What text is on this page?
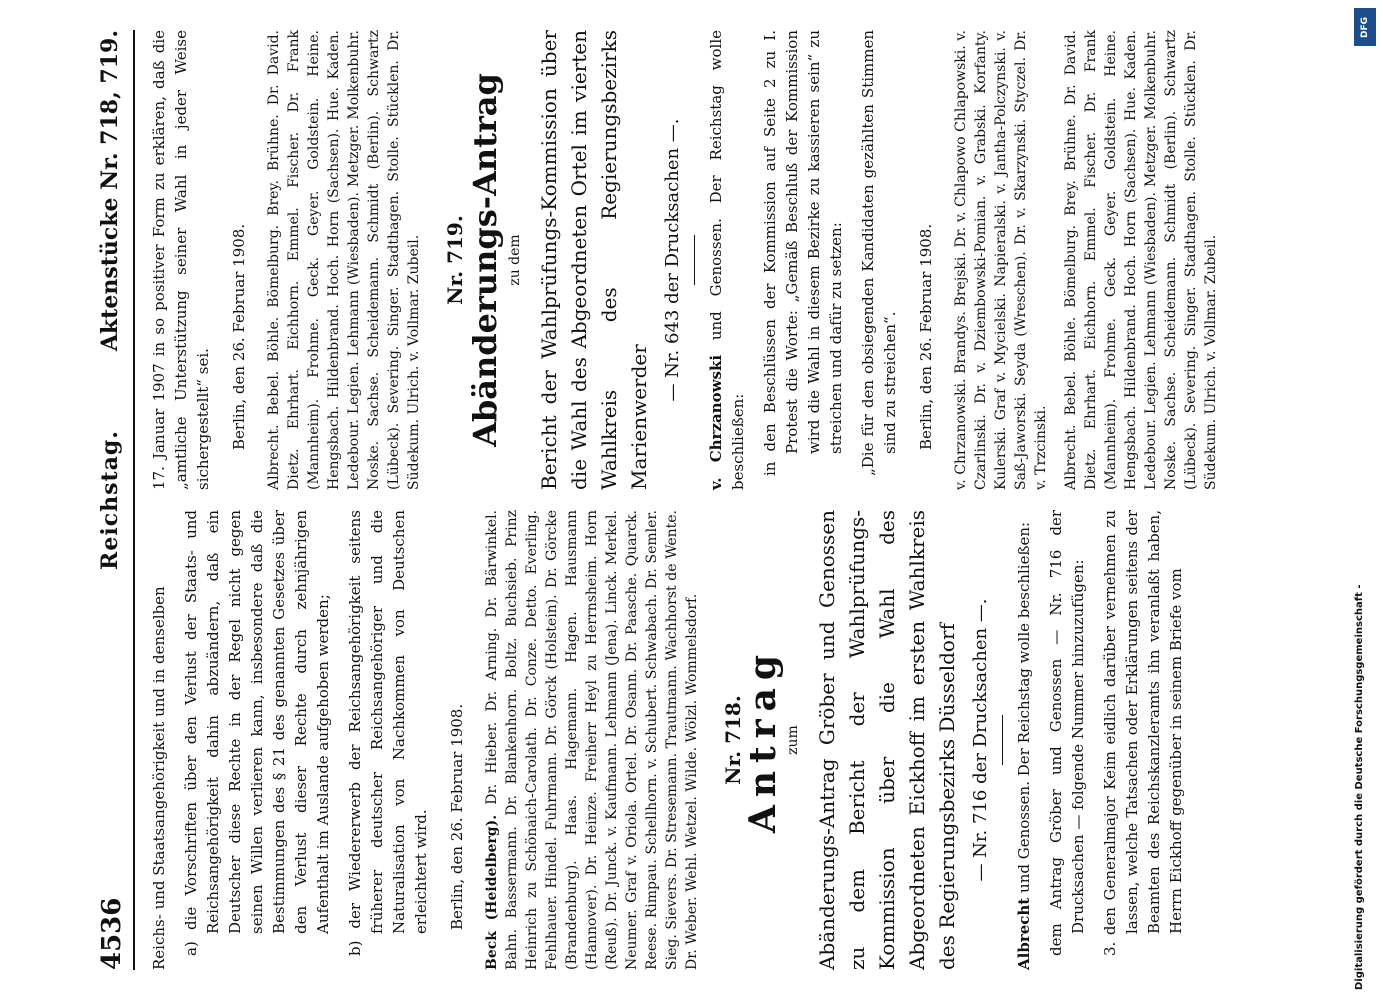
4536
Reichstag.
Aktenstücke Nr. 718, 719.

Reichs- und Staatsangehörigkeit und in denselben a) die Vorschriften über den Verlust der Staats- und Reichsangehörigkeit dahin abzuändern, daß ein Deutscher diese Rechte in der Regel nicht gegen seinen Willen verlieren kann, insbesondere daß die Bestimmungen des § 21 des genannten Gesetzes über den Verlust dieser Rechte durch zehnjährigen Aufenthalt im Auslande aufgehoben werden; b) der Wiedererwerb der Reichsangehörigkeit seitens früherer deutscher Reichsangehöriger und die Naturalisation von Nachkommen von Deutschen erleichtert wird. Berlin, den 26. Februar 1908. Beck (Heidelberg). Dr. Hieber. Dr. Arning. Dr. Bärwinkel. Bahn. Bassermann. Dr. Blankenhorn. Boltz. Buchsieb. Prinz Heinrich zu Schönaich-Carolath. Dr. Conze. Detto. Everling. Fehlhauer. Hindel. Fuhrmann. Dr. Görck (Holstein). Dr. Görcke (Brandenburg). Haas. Hagemann. Hagen. Hausmann (Hannover). Dr. Heinze. Freiherr Heyl zu Herrnsheim. Horn (Reuß). Dr. Junck. v. Kaufmann. Lehmann (Jena). Linck. Merkel. Neumer. Graf v. Oriola. Ortel. Dr. Osann. Dr. Paasche. Quarck. Reese. Rimpau. Schellhorn. v. Schubert. Schwabach. Dr. Semler. Sieg. Sievers. Dr. Stresemann. Trautmann. Wachhorst de Wente. Dr. Weber. Wehl. Wetzel. Wilde. Wölzl. Wommelsdorf. Nr. 718.
Antrag zum Abänderungs-Antrag Gröber und Genossen zu dem Bericht der Wahlprüfungs-Kommission über die Wahl des Abgeordneten Eickhoff im ersten Wahlkreis des Regierungsbezirks Düsseldorf — Nr. 716 der Drucksachen —.

Albrecht und Genossen. Der Reichstag wolle beschließen: dem Antrag Gröber und Genossen — Nr. 716 der Drucksachen — folgende Nummer hinzuzufügen: 3. den Generalmajor Keim eidlich darüber vernehmen zu lassen, welche Tatsachen oder Erklärungen seitens der Beamten des Reichskanzleramts ihn veranlaßt haben, Herrn Eickhoff gegenüber in seinem Briefe vom

17. Januar 1907 in so positiver Form zu erklären, daß die „amtliche Unterstützung seiner Wahl in jeder Weise sichergestellt“ sei. Berlin, den 26. Februar 1908. Albrecht. Bebel. Böhle. Bömelburg. Brey. Brühne. Dr. David. Dietz. Ehrhart. Eichhorn. Emmel. Fischer. Dr. Frank (Mannheim). Frohme. Geck. Geyer. Goldstein. Heine. Hengsbach. Hildenbrand. Hoch. Horn (Sachsen). Hue. Kaden. Ledebour. Legien. Lehmann (Wiesbaden). Metzger. Molkenbuhr. Noske. Sachse. Scheidemann. Schmidt (Berlin). Schwartz (Lübeck). Severing. Singer. Stadthagen. Stolle. Stücklen. Dr. Südekum. Ulrich. v. Vollmar. Zubeil. Nr. 719. Abänderungs-Antrag zu dem Bericht der Wahlprüfungs-Kommission über die Wahl des Abgeordneten Ortel im vierten Wahlkreis des Regierungsbezirks Marienwerder
— Nr. 643 der Drucksachen —.

v. Chrzanowski und Genossen. Der Reichstag wolle beschließen: in den Beschlüssen der Kommission auf Seite 2 zu I. Protest die Worte: „Gemäß Beschluß der Kommission wird die Wahl in diesem Bezirke zu kassieren sein“ zu streichen und dafür zu setzen: „Die für den obsiegenden Kandidaten gezählten Stimmen sind zu streichen“. Berlin, den 26. Februar 1908. v. Chrzanowski. Brandys. Brejski. Dr. v. Chlapowo Chlapowski. v. Czarlinski. Dr. v. Dziembowski-Pomian. v. Grabski. Korfanty. Kulerski. Graf v. Mycielski. Napieralski. v. Jantha-Polczynski. v. Saß-Jaworski. Seyda (Wreschen). Dr. v. Skarzynski. Styczel. Dr. v. Trzcinski. Albrecht. Bebel. Böhle. Bömelburg. Brey. Brühne. Dr. David. Dietz. Ehrhart. Eichhorn. Emmel. Fischer. Dr. Frank (Mannheim). Frohme. Geck. Geyer. Goldstein. Heine. Hengsbach. Hildenbrand. Hoch. Horn (Sachsen). Hue. Kaden. Ledebour. Legien. Lehmann (Wiesbaden). Metzger. Molkenbuhr. Noske. Sachse. Scheidemann. Schmidt (Berlin). Schwartz (Lübeck). Severing. Singer. Stadthagen. Stolle. Stücklen. Dr. Südekum. Ulrich. v. Vollmar. Zubeil.

Digitalisierung gefördert durch die Deutsche Forschungsgemeinschaft -
DFG
